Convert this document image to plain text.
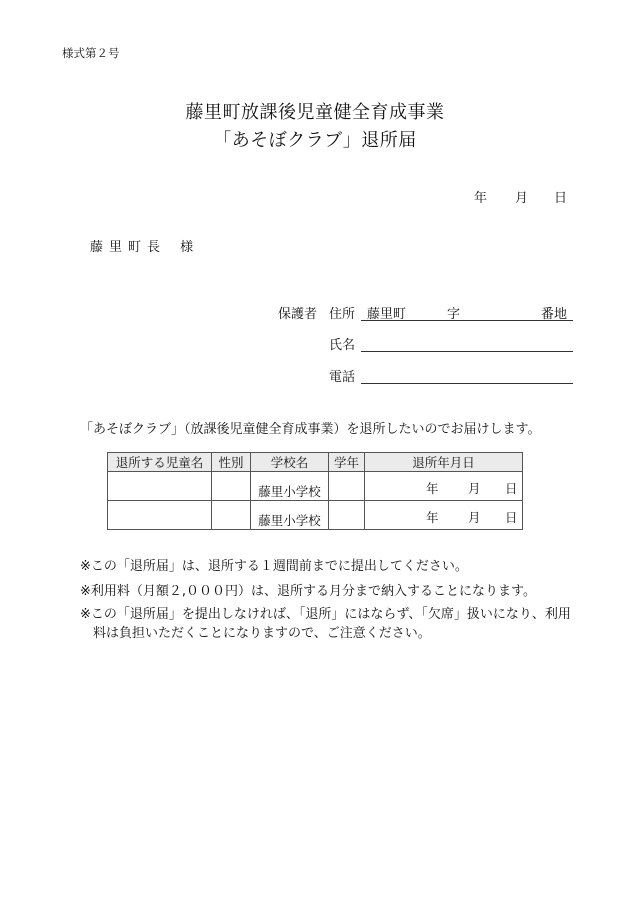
様式第２号
藤里町放課後児童健全育成事業
「あそぼクラブ」退所届
年 月 日
藤里町長 様
保護者 住所 藤里町	字	番地
氏名
電話
「あそぼクラブ」（放課後児童健全育成事業）を退所したいのでお届けします。
退所する児童名	性別	学校名	学年	退所年月日
		藤里小学校		年 月 日

		藤里小学校		年 月 日
※この「退所届」は、退所する１週間前までに提出してください。
※利用料（月額２,０００円）は、退所する月分まで納入することになります。
※この「退所届」を提出しなければ、「退所」にはならず、「欠席」扱いになり、利用料は負担いただくことになりますので、ご注意ください。
